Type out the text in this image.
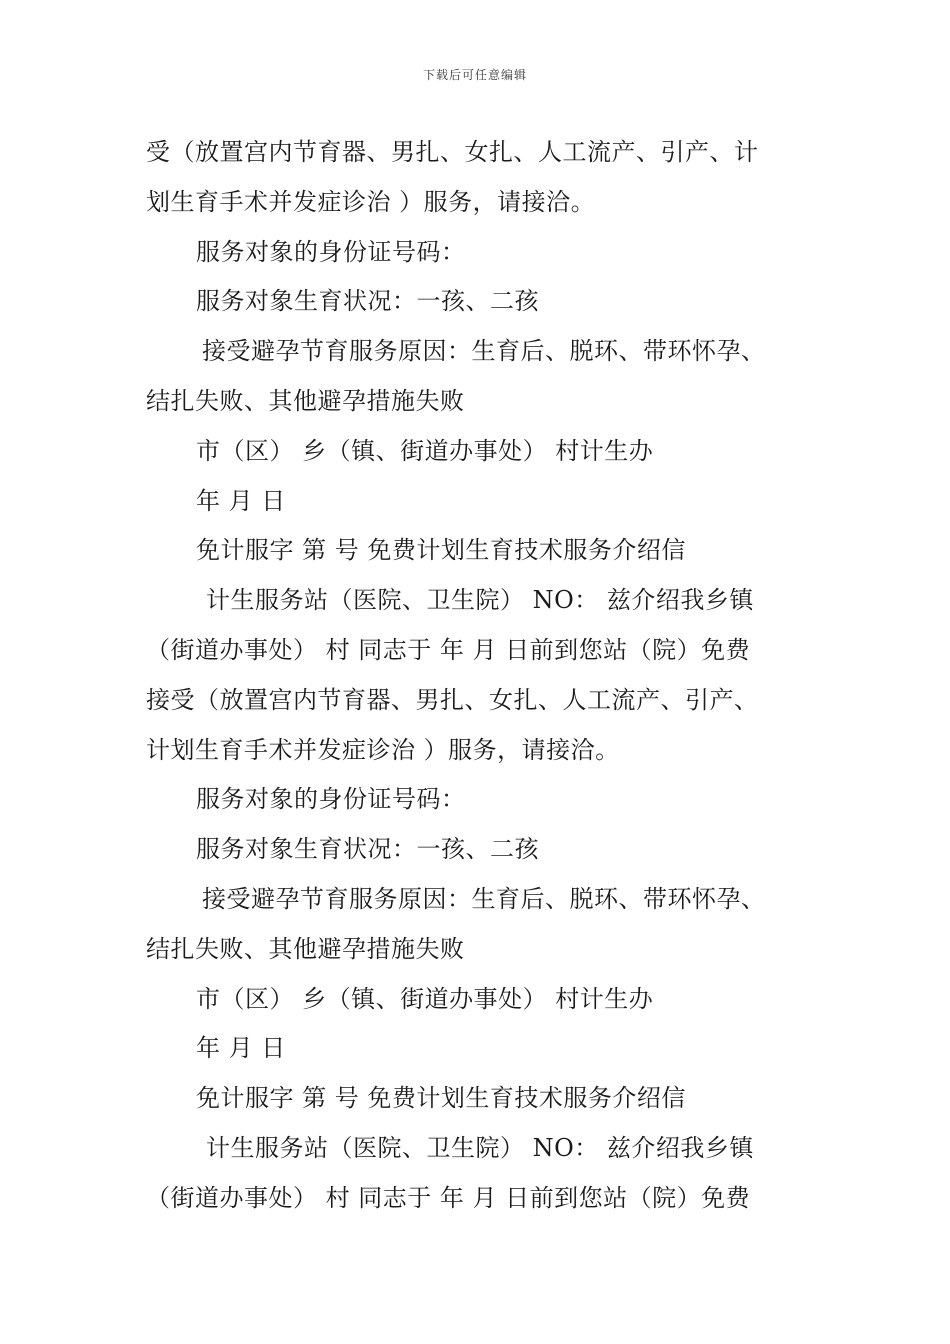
下载后可任意编辑
受（放置宫内节育器、男扎、女扎、人工流产、引产、计
划生育手术并发症诊治 ）服务，请接洽。
服务对象的身份证号码：
服务对象生育状况：一孩、二孩
接受避孕节育服务原因：生育后、脱环、带环怀孕、
结扎失败、其他避孕措施失败
市（区） 乡（镇、街道办事处） 村计生办
年 月 日
免计服字 第 号 免费计划生育技术服务介绍信
计生服务站（医院、卫生院） NO： 兹介绍我乡镇
（街道办事处） 村 同志于 年 月 日前到您站（院）免费
接受（放置宫内节育器、男扎、女扎、人工流产、引产、
计划生育手术并发症诊治 ）服务，请接洽。
服务对象的身份证号码：
服务对象生育状况：一孩、二孩
接受避孕节育服务原因：生育后、脱环、带环怀孕、
结扎失败、其他避孕措施失败
市（区） 乡（镇、街道办事处） 村计生办
年 月 日
免计服字 第 号 免费计划生育技术服务介绍信
计生服务站（医院、卫生院） NO： 兹介绍我乡镇
（街道办事处） 村 同志于 年 月 日前到您站（院）免费
